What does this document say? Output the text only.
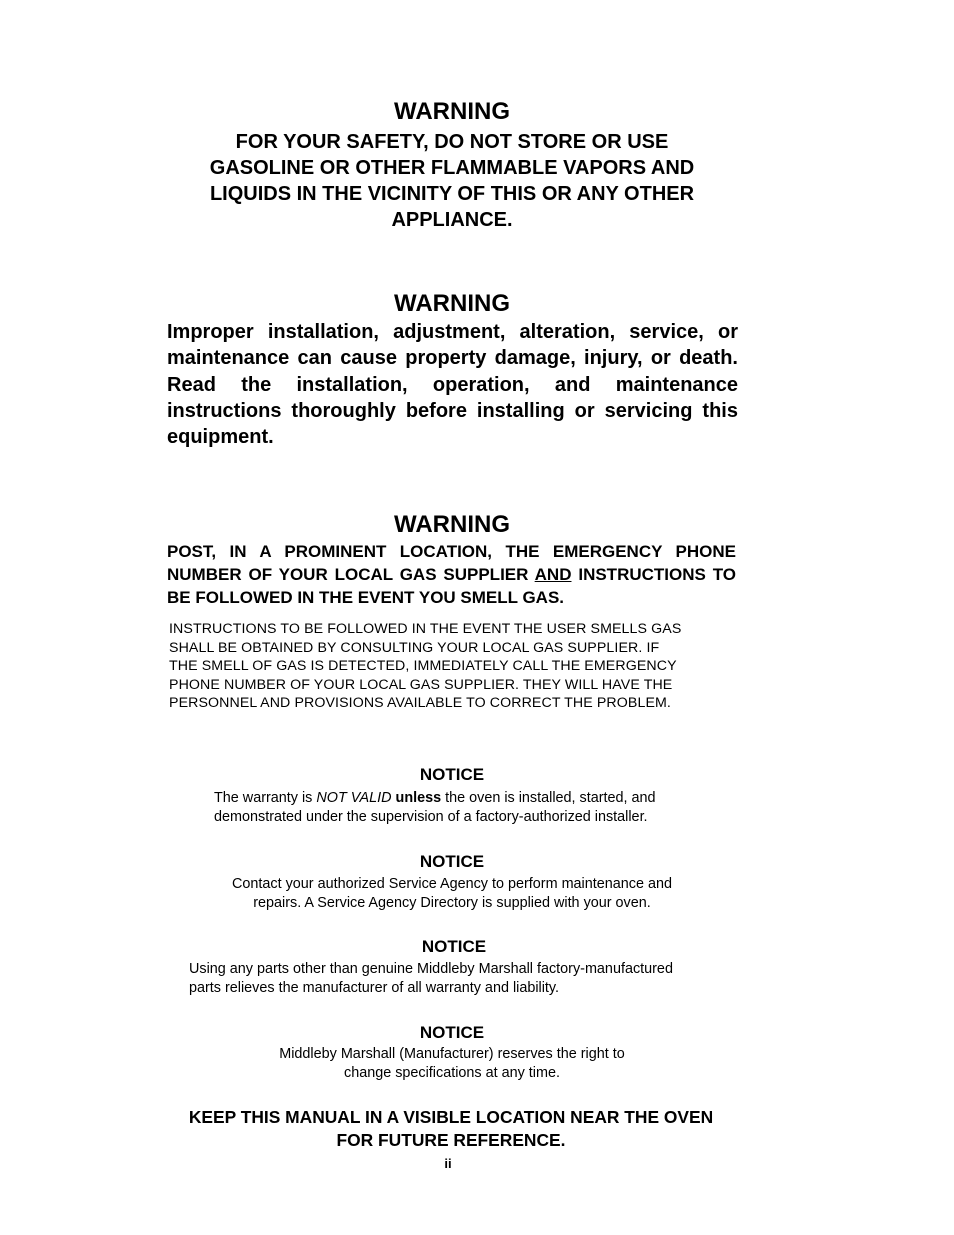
WARNING
FOR YOUR SAFETY, DO NOT STORE OR USE
GASOLINE OR OTHER FLAMMABLE VAPORS AND
LIQUIDS IN THE VICINITY OF THIS OR ANY OTHER
APPLIANCE.
WARNING
Improper installation, adjustment, alteration, service, or maintenance can cause property damage, injury, or death. Read the installation, operation, and maintenance instructions thoroughly before installing or servicing this equipment.
WARNING
POST, IN A PROMINENT LOCATION, THE EMERGENCY PHONE NUMBER OF YOUR LOCAL GAS SUPPLIER AND INSTRUCTIONS TO BE FOLLOWED IN THE EVENT YOU SMELL GAS.
INSTRUCTIONS TO BE FOLLOWED IN THE EVENT THE USER SMELLS GAS
SHALL BE OBTAINED BY CONSULTING YOUR LOCAL GAS SUPPLIER. IF
THE SMELL OF GAS IS DETECTED, IMMEDIATELY CALL THE EMERGENCY
PHONE NUMBER OF YOUR LOCAL GAS SUPPLIER. THEY WILL HAVE THE
PERSONNEL AND PROVISIONS AVAILABLE TO CORRECT THE PROBLEM.
NOTICE
The warranty is NOT VALID unless the oven is installed, started, and
demonstrated under the supervision of a factory-authorized installer.
NOTICE
Contact your authorized Service Agency to perform maintenance and
repairs. A Service Agency Directory is supplied with your oven.
NOTICE
Using any parts other than genuine Middleby Marshall factory-manufactured
parts relieves the manufacturer of all warranty and liability.
NOTICE
Middleby Marshall (Manufacturer) reserves the right to
change specifications at any time.
KEEP THIS MANUAL IN A VISIBLE LOCATION NEAR THE OVEN
FOR FUTURE REFERENCE.
ii
